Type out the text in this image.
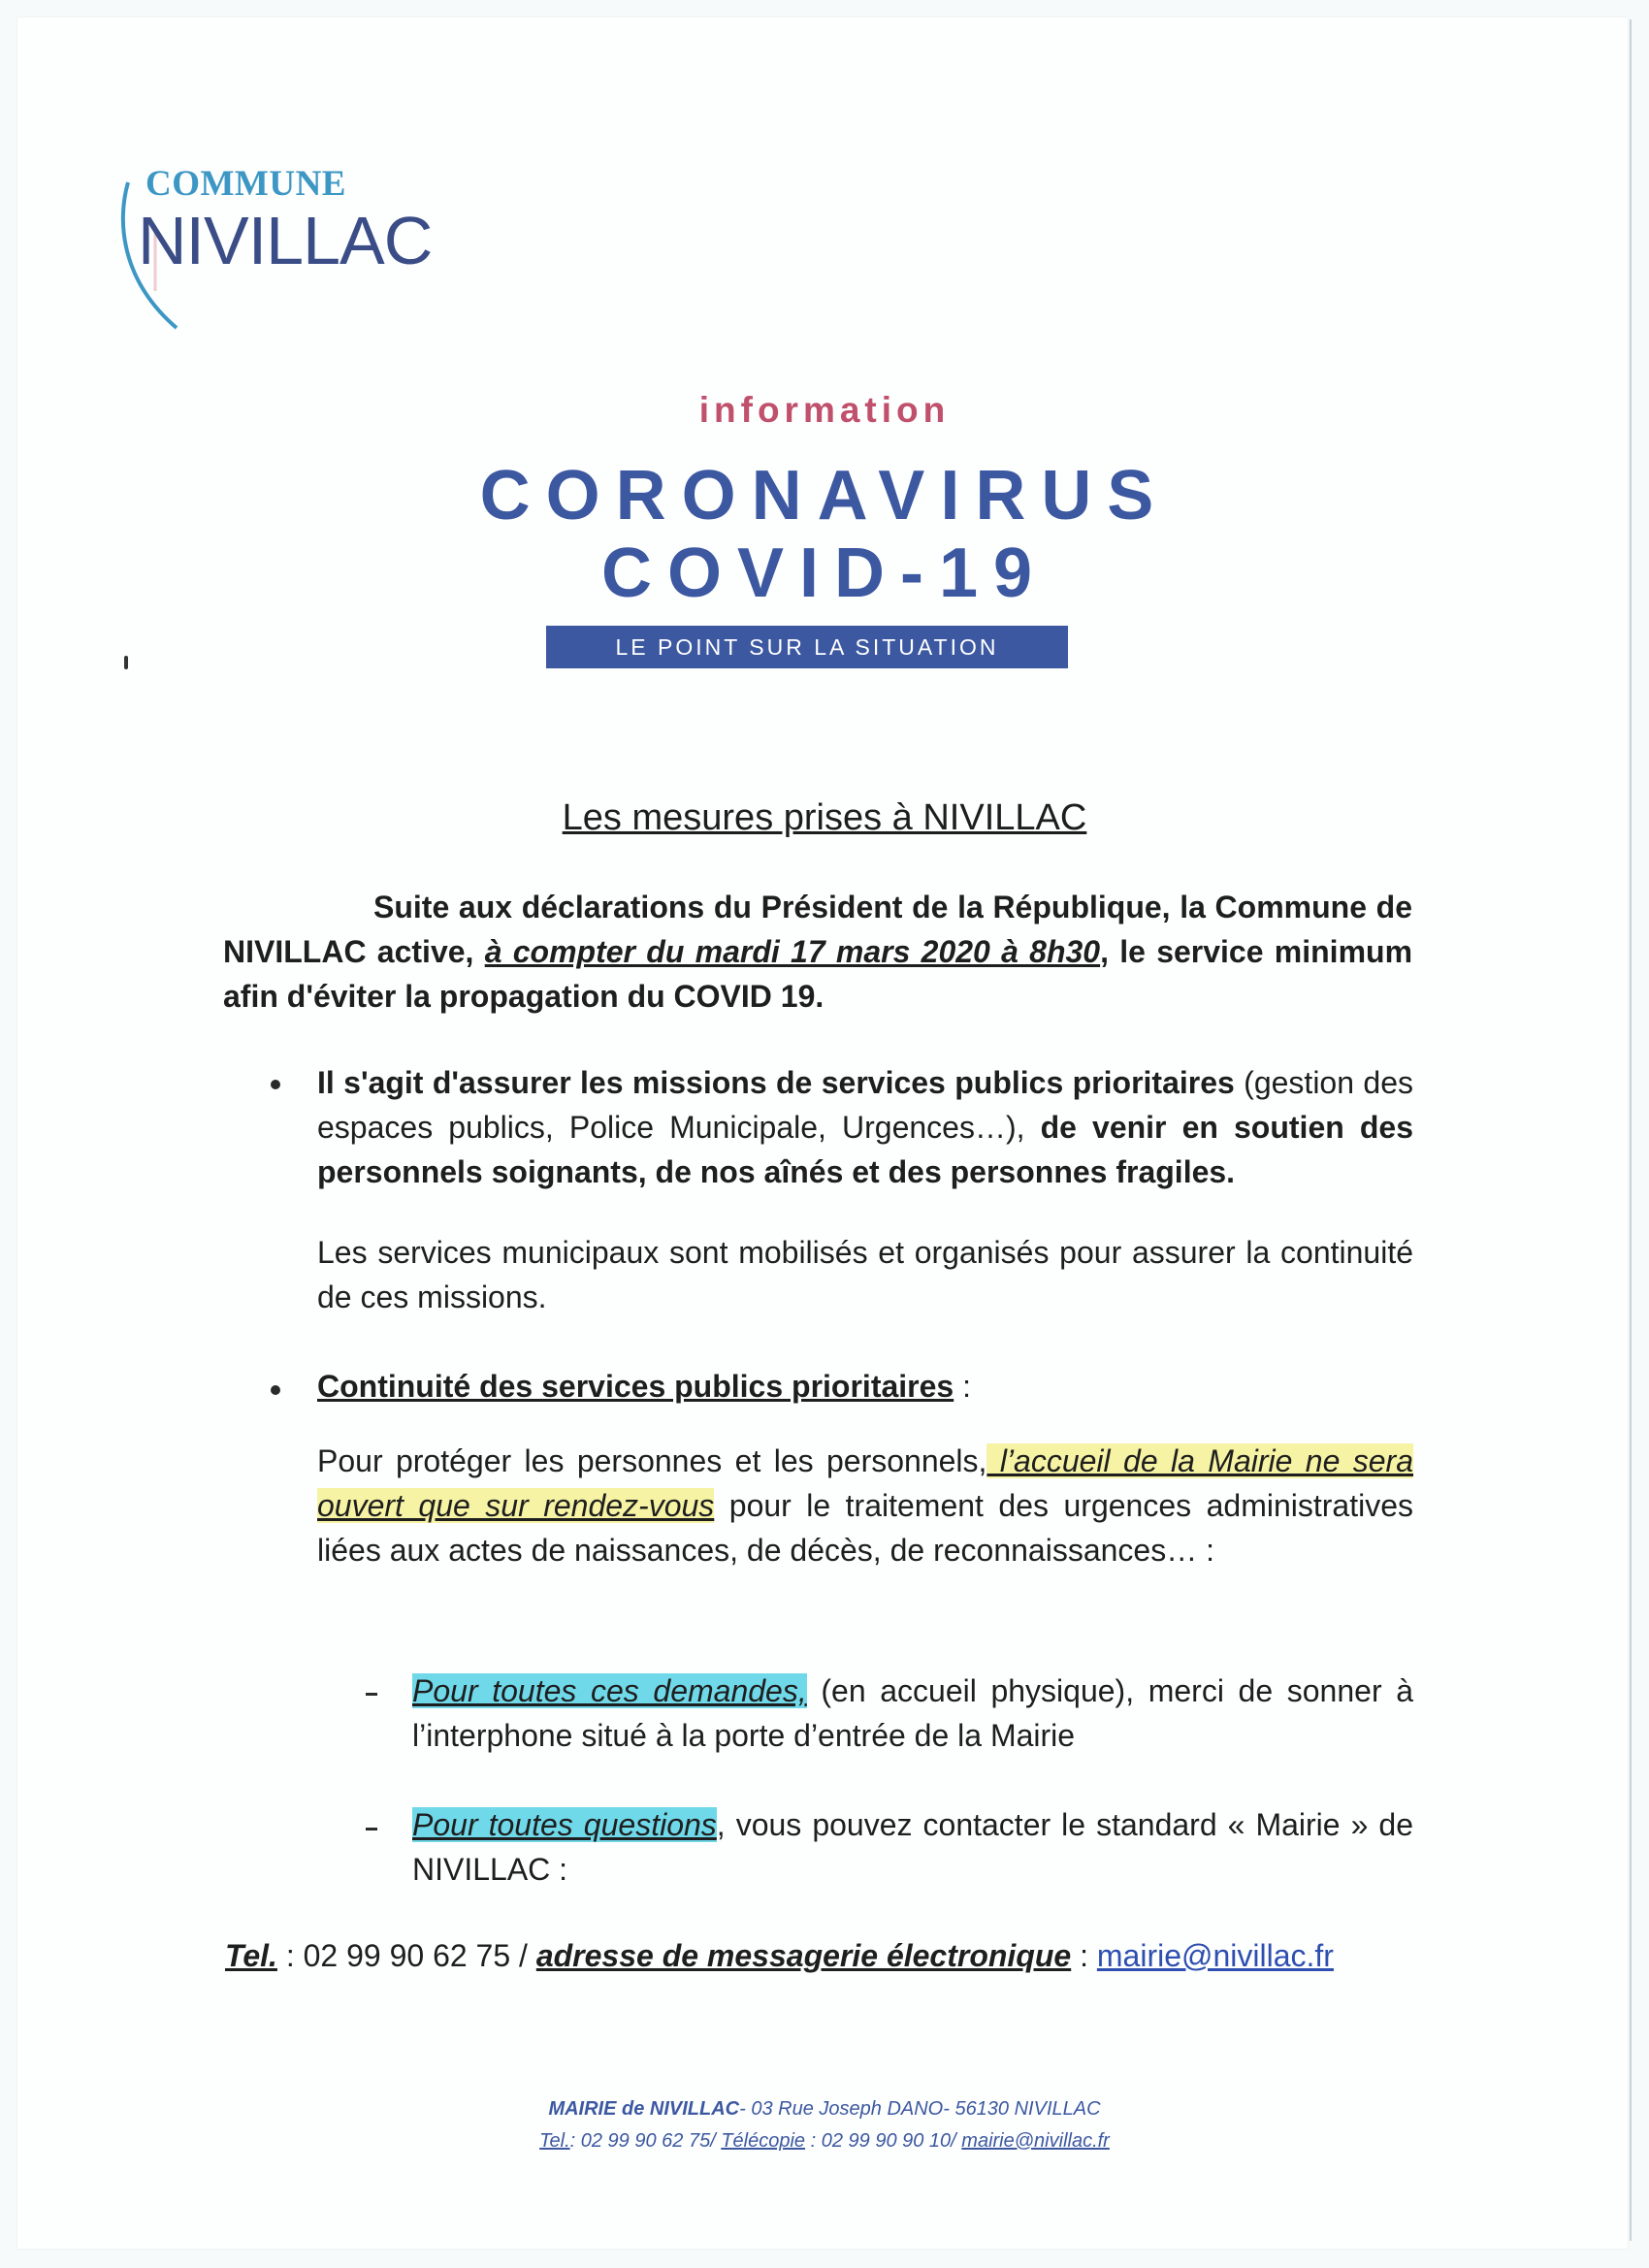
COMMUNE
NIVILLAC
information
CORONAVIRUS
COVID-19
LE POINT SUR LA SITUATION
Les mesures prises à NIVILLAC
Suite aux déclarations du Président de la République, la Commune de NIVILLAC active, à compter du mardi 17 mars 2020 à 8h30, le service minimum afin d'éviter la propagation du COVID 19.
Il s'agit d'assurer les missions de services publics prioritaires (gestion des espaces publics, Police Municipale, Urgences…), de venir en soutien des personnels soignants, de nos aînés et des personnes fragiles.
Les services municipaux sont mobilisés et organisés pour assurer la continuité de ces missions.
Continuité des services publics prioritaires :
Pour protéger les personnes et les personnels, l’accueil de la Mairie ne sera ouvert que sur rendez-vous pour le traitement des urgences administratives liées aux actes de naissances, de décès, de reconnaissances… :
Pour toutes ces demandes, (en accueil physique), merci de sonner à l’interphone situé à la porte d’entrée de la Mairie
Pour toutes questions, vous pouvez contacter le standard « Mairie » de NIVILLAC :
Tel. : 02 99 90 62 75 / adresse de messagerie électronique : mairie@nivillac.fr
MAIRIE de NIVILLAC- 03 Rue Joseph DANO- 56130 NIVILLAC
Tel.: 02 99 90 62 75/ Télécopie : 02 99 90 90 10/ mairie@nivillac.fr
